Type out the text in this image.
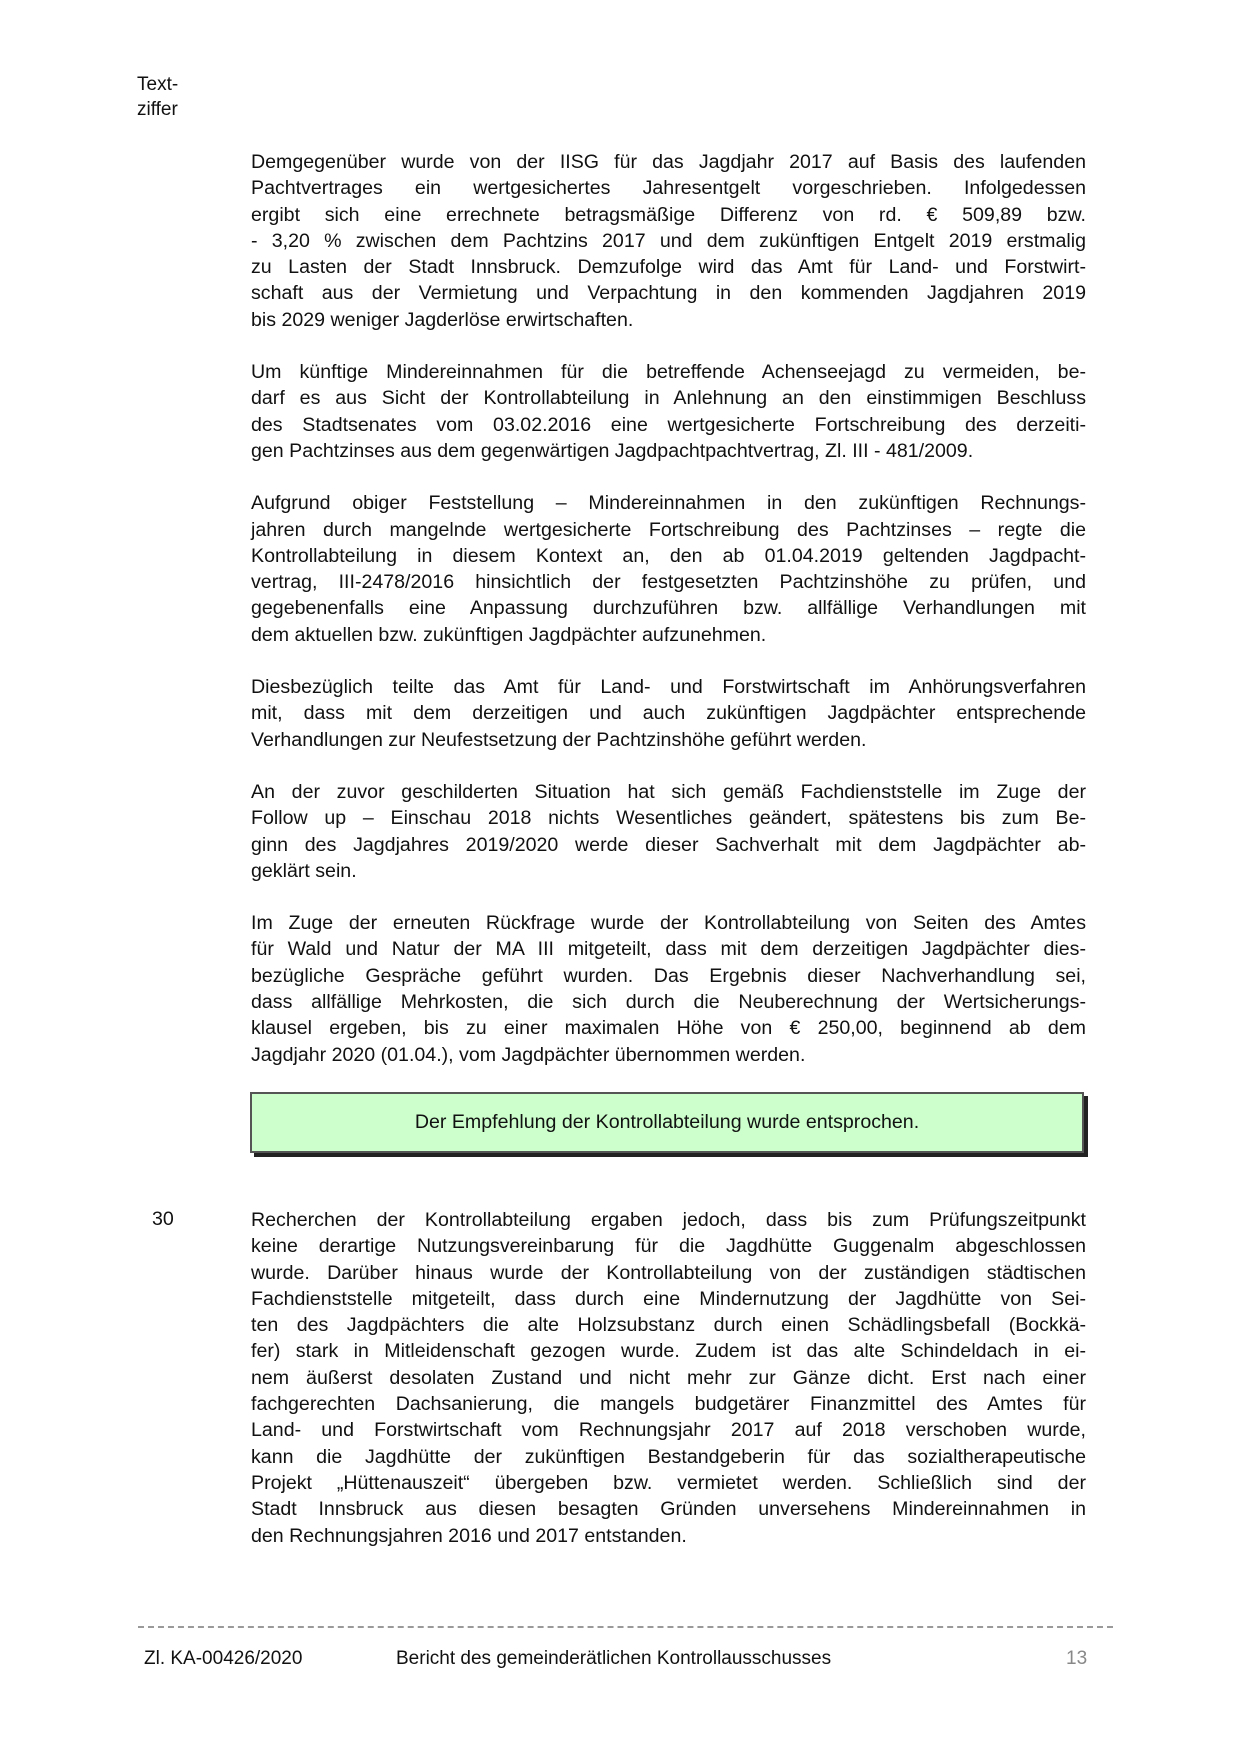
Text-
ziffer
Demgegenüber wurde von der IISG für das Jagdjahr 2017 auf Basis des laufenden
Pachtvertrages ein wertgesichertes Jahresentgelt vorgeschrieben. Infolgedessen
ergibt sich eine errechnete betragsmäßige Differenz von rd. € 509,89 bzw.
- 3,20 % zwischen dem Pachtzins 2017 und dem zukünftigen Entgelt 2019 erstmalig
zu Lasten der Stadt Innsbruck. Demzufolge wird das Amt für Land- und Forstwirt-
schaft aus der Vermietung und Verpachtung in den kommenden Jagdjahren 2019
bis 2029 weniger Jagderlöse erwirtschaften.
Um künftige Mindereinnahmen für die betreffende Achenseejagd zu vermeiden, be-
darf es aus Sicht der Kontrollabteilung in Anlehnung an den einstimmigen Beschluss
des Stadtsenates vom 03.02.2016 eine wertgesicherte Fortschreibung des derzeiti-
gen Pachtzinses aus dem gegenwärtigen Jagdpachtpachtvertrag, Zl. III - 481/2009.
Aufgrund obiger Feststellung – Mindereinnahmen in den zukünftigen Rechnungs-
jahren durch mangelnde wertgesicherte Fortschreibung des Pachtzinses – regte die
Kontrollabteilung in diesem Kontext an, den ab 01.04.2019 geltenden Jagdpacht-
vertrag, III-2478/2016 hinsichtlich der festgesetzten Pachtzinshöhe zu prüfen, und
gegebenenfalls eine Anpassung durchzuführen bzw. allfällige Verhandlungen mit
dem aktuellen bzw. zukünftigen Jagdpächter aufzunehmen.
Diesbezüglich teilte das Amt für Land- und Forstwirtschaft im Anhörungsverfahren
mit, dass mit dem derzeitigen und auch zukünftigen Jagdpächter entsprechende
Verhandlungen zur Neufestsetzung der Pachtzinshöhe geführt werden.
An der zuvor geschilderten Situation hat sich gemäß Fachdienststelle im Zuge der
Follow up – Einschau 2018 nichts Wesentliches geändert, spätestens bis zum Be-
ginn des Jagdjahres 2019/2020 werde dieser Sachverhalt mit dem Jagdpächter ab-
geklärt sein.
Im Zuge der erneuten Rückfrage wurde der Kontrollabteilung von Seiten des Amtes
für Wald und Natur der MA III mitgeteilt, dass mit dem derzeitigen Jagdpächter dies-
bezügliche Gespräche geführt wurden. Das Ergebnis dieser Nachverhandlung sei,
dass allfällige Mehrkosten, die sich durch die Neuberechnung der Wertsicherungs-
klausel ergeben, bis zu einer maximalen Höhe von € 250,00, beginnend ab dem
Jagdjahr 2020 (01.04.), vom Jagdpächter übernommen werden.
Der Empfehlung der Kontrollabteilung wurde entsprochen.
30	Recherchen der Kontrollabteilung ergaben jedoch, dass bis zum Prüfungszeitpunkt
keine derartige Nutzungsvereinbarung für die Jagdhütte Guggenalm abgeschlossen
wurde. Darüber hinaus wurde der Kontrollabteilung von der zuständigen städtischen
Fachdienststelle mitgeteilt, dass durch eine Mindernutzung der Jagdhütte von Sei-
ten des Jagdpächters die alte Holzsubstanz durch einen Schädlingsbefall (Bockkä-
fer) stark in Mitleidenschaft gezogen wurde. Zudem ist das alte Schindeldach in ei-
nem äußerst desolaten Zustand und nicht mehr zur Gänze dicht. Erst nach einer
fachgerechten Dachsanierung, die mangels budgetärer Finanzmittel des Amtes für
Land- und Forstwirtschaft vom Rechnungsjahr 2017 auf 2018 verschoben wurde,
kann die Jagdhütte der zukünftigen Bestandgeberin für das sozialtherapeutische
Projekt „Hüttenauszeit“ übergeben bzw. vermietet werden. Schließlich sind der
Stadt Innsbruck aus diesen besagten Gründen unversehens Mindereinnahmen in
den Rechnungsjahren 2016 und 2017 entstanden.
Zl. KA-00426/2020	Bericht des gemeinderätlichen Kontrollausschusses	13
